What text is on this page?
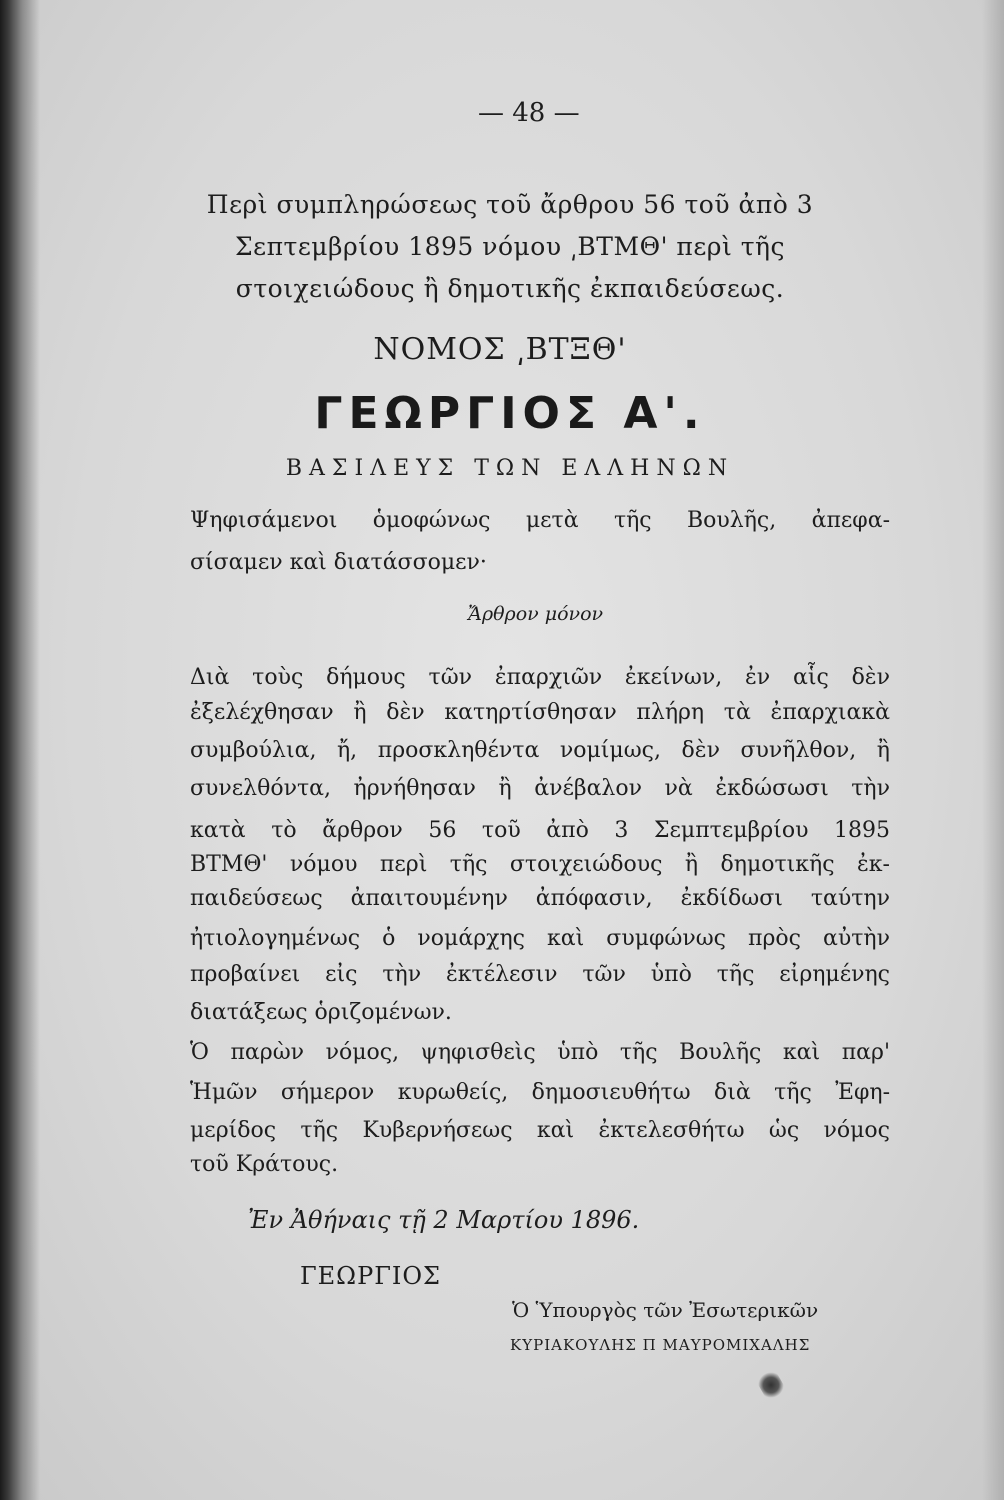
— 48 —
Περὶ συμπληρώσεως τοῦ ἄρθρου 56 τοῦ ἀπὸ 3
Σεπτεμβρίου 1895 νόμου ͵ΒΤΜΘ' περὶ τῆς
στοιχειώδους ἢ δημοτικῆς ἐκπαιδεύσεως.
ΝΟΜΟΣ ͵ΒΤΞΘ'
ΓΕΩΡΓΙΟΣ Α'.
ΒΑΣΙΛΕΥΣ ΤΩΝ ΕΛΛΗΝΩΝ
Ψηφισάμενοι ὁμοφώνως μετὰ τῆς Βουλῆς, ἀπεφα-
σίσαμεν καὶ διατάσσομεν·
Ἄρθρον μόνον
Διὰ τοὺς δήμους τῶν ἐπαρχιῶν ἐκείνων, ἐν αἷς δὲν
ἐξελέχθησαν ἢ δὲν κατηρτίσθησαν πλήρη τὰ ἐπαρχιακὰ
συμβούλια, ἤ, προσκληθέντα νομίμως, δὲν συνῆλθον, ἢ
συνελθόντα, ἠρνήθησαν ἢ ἀνέβαλον νὰ ἐκδώσωσι τὴν
κατὰ τὸ ἄρθρον 56 τοῦ ἀπὸ 3 Σεμπτεμβρίου 1895
ΒΤΜΘ' νόμου περὶ τῆς στοιχειώδους ἢ δημοτικῆς ἐκ-
παιδεύσεως ἀπαιτουμένην ἀπόφασιν, ἐκδίδωσι ταύτην
ἠτιολογημένως ὁ νομάρχης καὶ συμφώνως πρὸς αὐτὴν
προβαίνει εἰς τὴν ἐκτέλεσιν τῶν ὑπὸ τῆς εἰρημένης
διατάξεως ὁριζομένων.
Ὁ παρὼν νόμος, ψηφισθεὶς ὑπὸ τῆς Βουλῆς καὶ παρ'
Ἡμῶν σήμερον κυρωθείς, δημοσιευθήτω διὰ τῆς Ἐφη-
μερίδος τῆς Κυβερνήσεως καὶ ἐκτελεσθήτω ὡς νόμος
τοῦ Κράτους.
Ἐν Ἀθήναις τῇ 2 Μαρτίου 1896.
ΓΕΩΡΓΙΟΣ
Ὁ Ὑπουργὸς τῶν Ἐσωτερικῶν
ΚΥΡΙΑΚΟΥΛΗΣ Π ΜΑΥΡΟΜΙΧΑΛΗΣ
